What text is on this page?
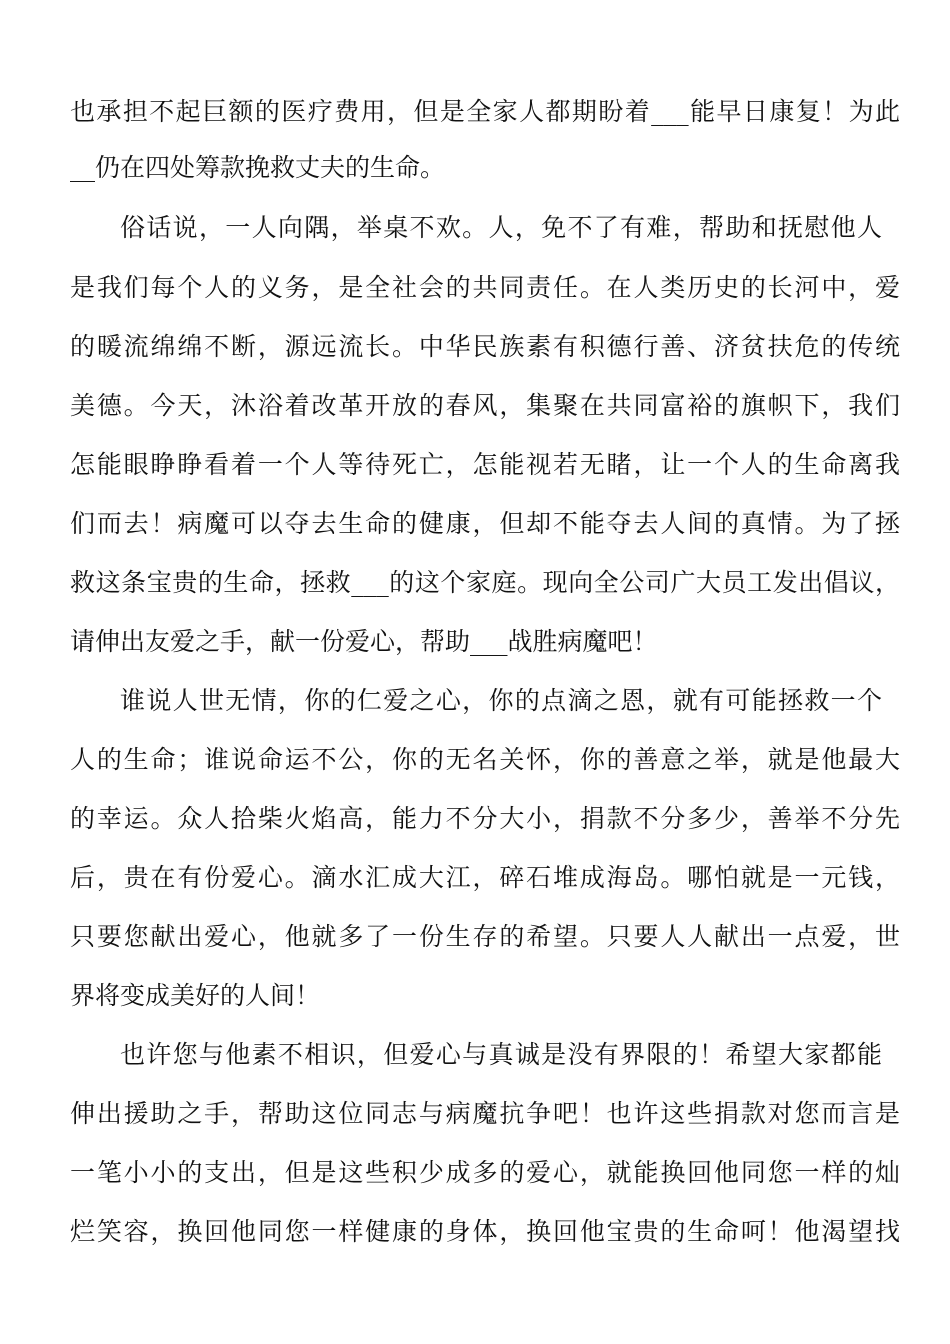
也承担不起巨额的医疗费用，但是全家人都期盼着___能早日康复！为此
__仍在四处筹款挽救丈夫的生命。
俗话说，一人向隅，举桌不欢。人，免不了有难，帮助和抚慰他人
是我们每个人的义务，是全社会的共同责任。在人类历史的长河中，爱
的暖流绵绵不断，源远流长。中华民族素有积德行善、济贫扶危的传统
美德。今天，沐浴着改革开放的春风，集聚在共同富裕的旗帜下，我们
怎能眼睁睁看着一个人等待死亡，怎能视若无睹，让一个人的生命离我
们而去！病魔可以夺去生命的健康，但却不能夺去人间的真情。为了拯
救这条宝贵的生命，拯救___的这个家庭。现向全公司广大员工发出倡议，
请伸出友爱之手，献一份爱心，帮助___战胜病魔吧！
谁说人世无情，你的仁爱之心，你的点滴之恩，就有可能拯救一个
人的生命；谁说命运不公，你的无名关怀，你的善意之举，就是他最大
的幸运。众人拾柴火焰高，能力不分大小，捐款不分多少，善举不分先
后，贵在有份爱心。滴水汇成大江，碎石堆成海岛。哪怕就是一元钱，
只要您献出爱心，他就多了一份生存的希望。只要人人献出一点爱，世
界将变成美好的人间！
也许您与他素不相识，但爱心与真诚是没有界限的！希望大家都能
伸出援助之手，帮助这位同志与病魔抗争吧！也许这些捐款对您而言是
一笔小小的支出，但是这些积少成多的爱心，就能换回他同您一样的灿
烂笑容，换回他同您一样健康的身体，换回他宝贵的生命呵！他渴望找
